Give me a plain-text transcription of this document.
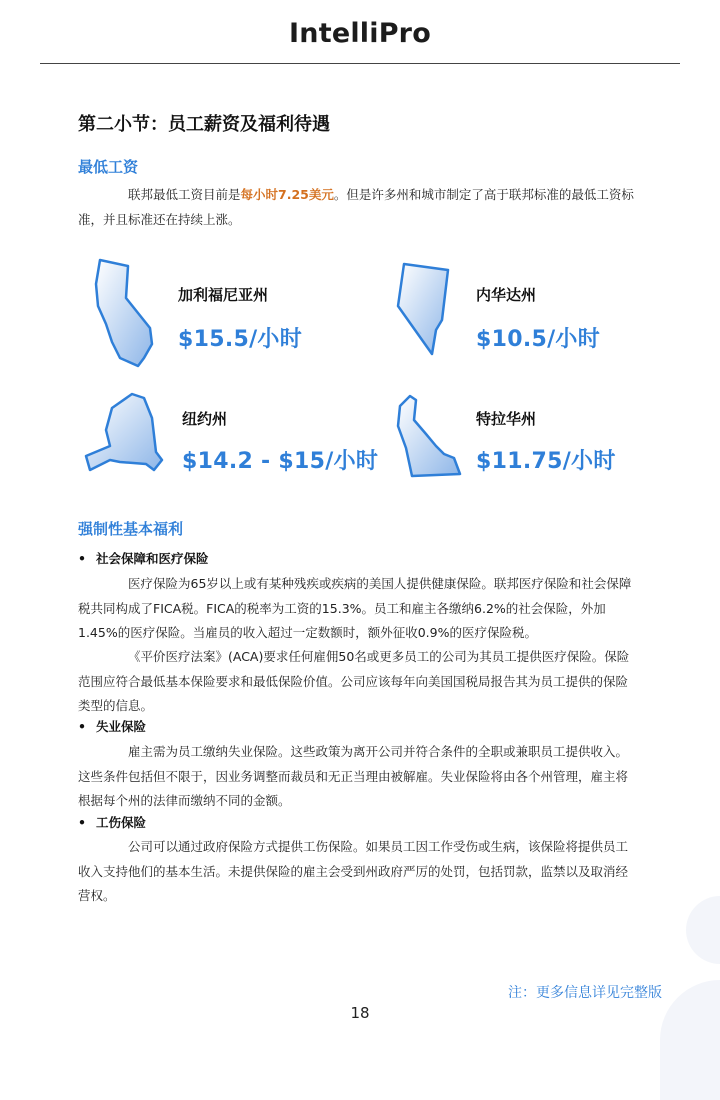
IntelliPro
第二小节：员工薪资及福利待遇
最低工资
联邦最低工资目前是每小时7.25美元。但是许多州和城市制定了高于联邦标准的最低工资标准，并且标准还在持续上涨。
加利福尼亚州
$15.5/小时
内华达州
$10.5/小时
纽约州
$14.2 - $15/小时
特拉华州
$11.75/小时
强制性基本福利
• 社会保障和医疗保险
医疗保险为65岁以上或有某种残疾或疾病的美国人提供健康保险。联邦医疗保险和社会保障税共同构成了FICA税。FICA的税率为工资的15.3%。员工和雇主各缴纳6.2%的社会保险，外加1.45%的医疗保险。当雇员的收入超过一定数额时，额外征收0.9%的医疗保险税。
《平价医疗法案》(ACA)要求任何雇佣50名或更多员工的公司为其员工提供医疗保险。保险范围应符合最低基本保险要求和最低保险价值。公司应该每年向美国国税局报告其为员工提供的保险类型的信息。
• 失业保险
雇主需为员工缴纳失业保险。这些政策为离开公司并符合条件的全职或兼职员工提供收入。这些条件包括但不限于，因业务调整而裁员和无正当理由被解雇。失业保险将由各个州管理，雇主将根据每个州的法律而缴纳不同的金额。
• 工伤保险
公司可以通过政府保险方式提供工伤保险。如果员工因工作受伤或生病，该保险将提供员工收入支持他们的基本生活。未提供保险的雇主会受到州政府严厉的处罚，包括罚款，监禁以及取消经营权。
注：更多信息详见完整版
18
